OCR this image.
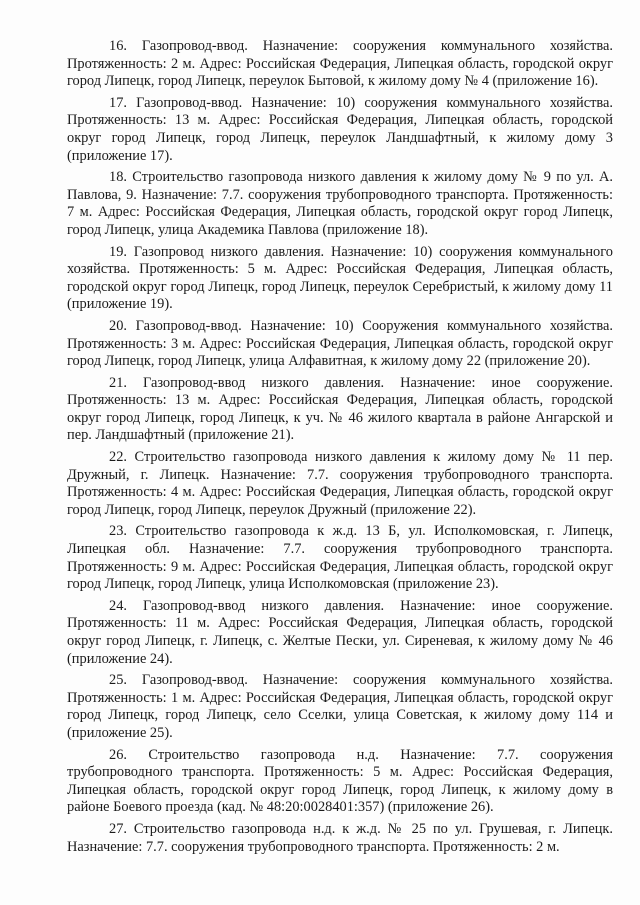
16. Газопровод-ввод. Назначение: сооружения коммунального хозяйства. Протяженность: 2 м. Адрес: Российская Федерация, Липецкая область, городской округ город Липецк, город Липецк, переулок Бытовой, к жилому дому № 4 (приложение 16).

17. Газопровод-ввод. Назначение: 10) сооружения коммунального хозяйства. Протяженность: 13 м. Адрес: Российская Федерация, Липецкая область, городской округ город Липецк, город Липецк, переулок Ландшафтный, к жилому дому 3 (приложение 17).

18. Строительство газопровода низкого давления к жилому дому № 9 по ул. А. Павлова, 9. Назначение: 7.7. сооружения трубопроводного транспорта. Протяженность: 7 м. Адрес: Российская Федерация, Липецкая область, городской округ город Липецк, город Липецк, улица Академика Павлова (приложение 18).

19. Газопровод низкого давления. Назначение: 10) сооружения коммунального хозяйства. Протяженность: 5 м. Адрес: Российская Федерация, Липецкая область, городской округ город Липецк, город Липецк, переулок Серебристый, к жилому дому 11 (приложение 19).

20. Газопровод-ввод. Назначение: 10) Сооружения коммунального хозяйства. Протяженность: 3 м. Адрес: Российская Федерация, Липецкая область, городской округ город Липецк, город Липецк, улица Алфавитная, к жилому дому 22 (приложение 20).

21. Газопровод-ввод низкого давления. Назначение: иное сооружение. Протяженность: 13 м. Адрес: Российская Федерация, Липецкая область, городской округ город Липецк, город Липецк, к уч. № 46 жилого квартала в районе Ангарской и пер. Ландшафтный (приложение 21).

22. Строительство газопровода низкого давления к жилому дому № 11 пер. Дружный, г. Липецк. Назначение: 7.7. сооружения трубопроводного транспорта. Протяженность: 4 м. Адрес: Российская Федерация, Липецкая область, городской округ город Липецк, город Липецк, переулок Дружный (приложение 22).

23. Строительство газопровода к ж.д. 13 Б, ул. Исполкомовская, г. Липецк, Липецкая обл. Назначение: 7.7. сооружения трубопроводного транспорта. Протяженность: 9 м. Адрес: Российская Федерация, Липецкая область, городской округ город Липецк, город Липецк, улица Исполкомовская (приложение 23).

24. Газопровод-ввод низкого давления. Назначение: иное сооружение. Протяженность: 11 м. Адрес: Российская Федерация, Липецкая область, городской округ город Липецк, г. Липецк, с. Желтые Пески, ул. Сиреневая, к жилому дому № 46 (приложение 24).

25. Газопровод-ввод. Назначение: сооружения коммунального хозяйства. Протяженность: 1 м. Адрес: Российская Федерация, Липецкая область, городской округ город Липецк, город Липецк, село Сселки, улица Советская, к жилому дому 114 и (приложение 25).

26. Строительство газопровода н.д. Назначение: 7.7. сооружения трубопроводного транспорта. Протяженность: 5 м. Адрес: Российская Федерация, Липецкая область, городской округ город Липецк, город Липецк, к жилому дому в районе Боевого проезда (кад. № 48:20:0028401:357) (приложение 26).

27. Строительство газопровода н.д. к ж.д. № 25 по ул. Грушевая, г. Липецк. Назначение: 7.7. сооружения трубопроводного транспорта. Протяженность: 2 м.
